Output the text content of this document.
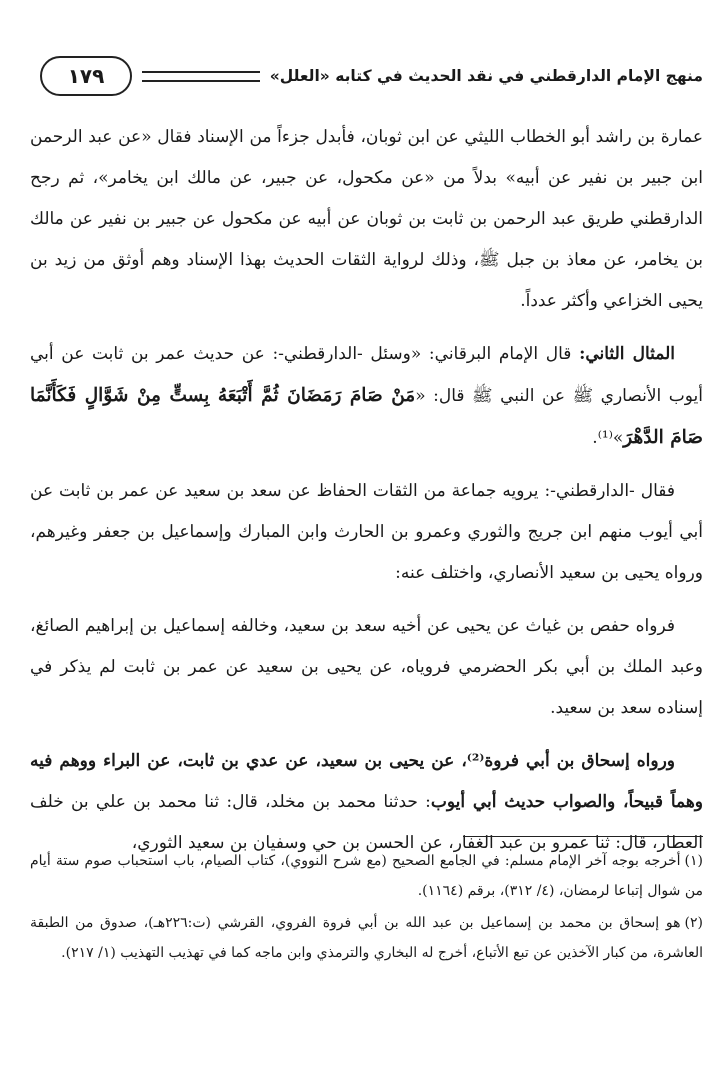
منهج الإمام الدارقطني في نقد الحديث في كتابه «العلل»
١٧٩

عمارة بن راشد أبو الخطاب الليثي عن ابن ثوبان، فأبدل جزءاً من الإسناد فقال «عن عبد الرحمن ابن جبير بن نفير عن أبيه» بدلاً من «عن مكحول، عن جبير، عن مالك ابن يخامر»، ثم رجح الدارقطني طريق عبد الرحمن بن ثابت بن ثوبان عن أبيه عن مكحول عن جبير بن نفير عن مالك بن يخامر، عن معاذ بن جبل ﷺ، وذلك لرواية الثقات الحديث بهذا الإسناد وهم أوثق من زيد بن يحيى الخزاعي وأكثر عدداً.

المثال الثاني: قال الإمام البرقاني: «وسئل -الدارقطني-: عن حديث عمر بن ثابت عن أبي أيوب الأنصاري ﷺ عن النبي ﷺ قال: «مَنْ صَامَ رَمَضَانَ ثُمَّ أَتْبَعَهُ بِستٍّ مِنْ شَوَّالٍ فَكَأَنَّمَا صَامَ الدَّهْرَ»⁽¹⁾.

فقال -الدارقطني-: يرويه جماعة من الثقات الحفاظ عن سعد بن سعيد عن عمر بن ثابت عن أبي أيوب منهم ابن جريج والثوري وعمرو بن الحارث وابن المبارك وإسماعيل بن جعفر وغيرهم، ورواه يحيى بن سعيد الأنصاري، واختلف عنه:

فرواه حفص بن غياث عن يحيى عن أخيه سعد بن سعيد، وخالفه إسماعيل بن إبراهيم الصائغ، وعبد الملك بن أبي بكر الحضرمي فروياه، عن يحيى بن سعيد عن عمر بن ثابت لم يذكر في إسناده سعد بن سعيد.

ورواه إسحاق بن أبي فروة⁽²⁾، عن يحيى بن سعيد، عن عدي بن ثابت، عن البراء ووهم فيه وهماً قبيحاً، والصواب حديث أبي أيوب: حدثنا محمد بن مخلد، قال: ثنا محمد بن علي بن خلف العطار، قال: ثنا عمرو بن عبد الغفار، عن الحسن بن حي وسفيان بن سعيد الثوري،

(١)أخرجه بوجه آخر الإمام مسلم: في الجامع الصحيح (مع شرح النووي)، كتاب الصيام، باب استحباب صوم ستة أيام من شوال إتباعا لرمضان، (٤/ ٣١٢)، برقم (١١٦٤).

(٢)هو إسحاق بن محمد بن إسماعيل بن عبد الله بن أبي فروة الفروي، القرشي (ت:٢٢٦هـ)، صدوق من الطبقة العاشرة، من كبار الآخذين عن تبع الأتباع، أخرج له البخاري والترمذي وابن ماجه كما في تهذيب التهذيب (١/ ٢١٧).
